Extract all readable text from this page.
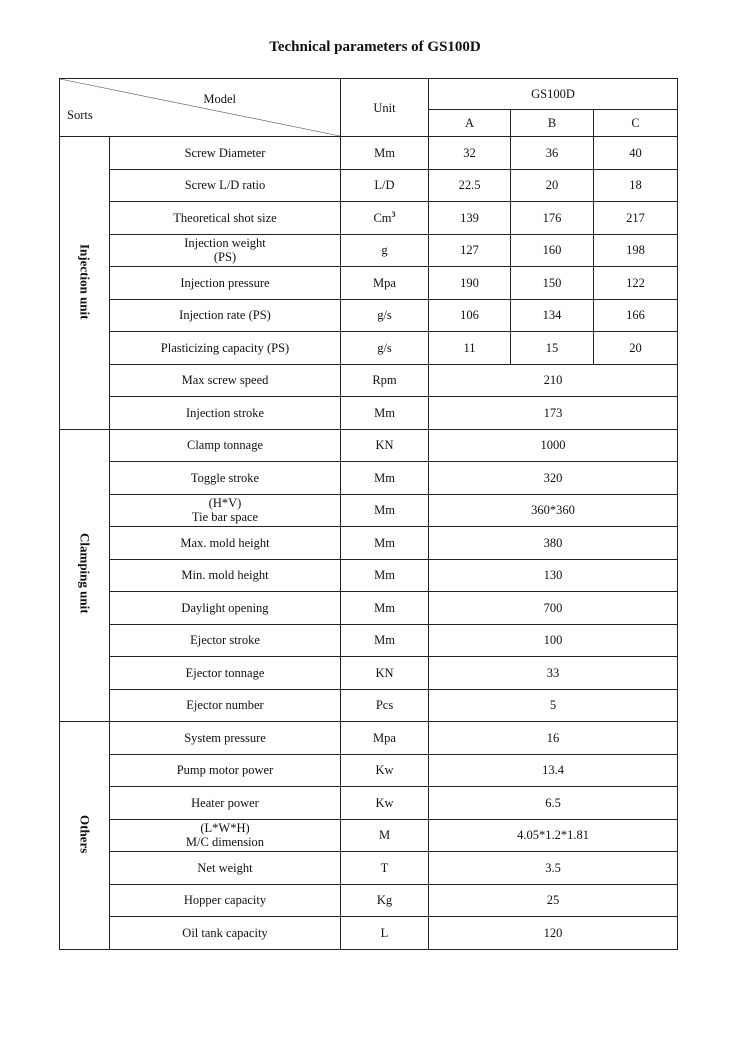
Technical parameters of GS100D
Model
Sorts		Unit	GS100D		
			A	B	C
Injection unit	Screw Diameter	Mm	32	36	40

	Screw L/D ratio	L/D	22.5	20	18

	Theoretical shot size	Cm$^3$	139	176	217

	Injection weight
(PS)	g	127	160	198

	Injection pressure	Mpa	190	150	122

	Injection rate (PS)	g/s	106	134	166

	Plasticizing capacity (PS)	g/s	11	15	20

	Max screw speed	Rpm	210		

	Injection stroke	Mm	173		
Clamping unit	Clamp tonnage	KN	1000		

	Toggle stroke	Mm	320		

	(H*V)
Tie bar space	Mm	360*360		

	Max. mold height	Mm	380		

	Min. mold height	Mm	130		

	Daylight opening	Mm	700		

	Ejector stroke	Mm	100		

	Ejector tonnage	KN	33		

	Ejector number	Pcs	5		
Others	System pressure	Mpa	16		

	Pump motor power	Kw	13.4		

	Heater power	Kw	6.5		

	(L*W*H)
M/C dimension	M	4.05*1.2*1.81		

	Net weight	T	3.5		

	Hopper capacity	Kg	25		

	Oil tank capacity	L	120		
